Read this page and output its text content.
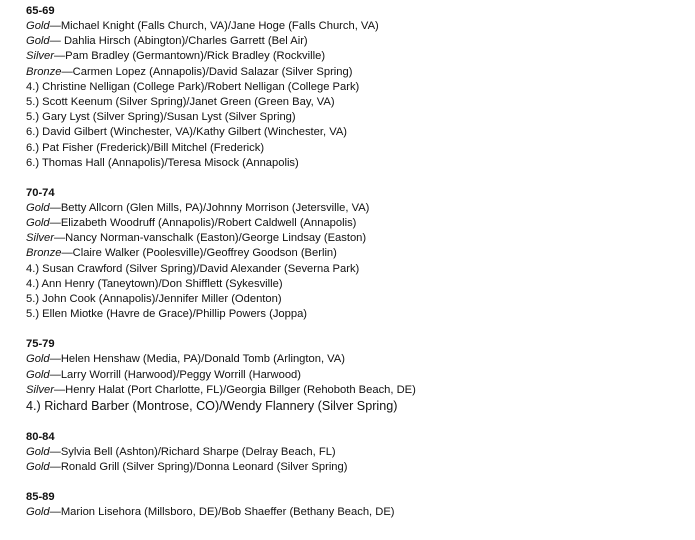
65-69
Gold—Michael Knight (Falls Church, VA)/Jane Hoge (Falls Church, VA)
Gold— Dahlia Hirsch (Abington)/Charles Garrett (Bel Air)
Silver—Pam Bradley (Germantown)/Rick Bradley (Rockville)
Bronze—Carmen Lopez (Annapolis)/David Salazar (Silver Spring)
4.) Christine Nelligan (College Park)/Robert Nelligan (College Park)
5.) Scott Keenum (Silver Spring)/Janet Green (Green Bay, VA)
5.) Gary Lyst (Silver Spring)/Susan Lyst (Silver Spring)
6.) David Gilbert (Winchester, VA)/Kathy Gilbert (Winchester, VA)
6.) Pat Fisher (Frederick)/Bill Mitchel (Frederick)
6.) Thomas Hall (Annapolis)/Teresa Misock (Annapolis)
70-74
Gold—Betty Allcorn (Glen Mills, PA)/Johnny Morrison (Jetersville, VA)
Gold—Elizabeth Woodruff (Annapolis)/Robert Caldwell (Annapolis)
Silver—Nancy Norman-vanschalk (Easton)/George Lindsay (Easton)
Bronze—Claire Walker (Poolesville)/Geoffrey Goodson (Berlin)
4.) Susan Crawford (Silver Spring)/David Alexander (Severna Park)
4.) Ann Henry (Taneytown)/Don Shifflett (Sykesville)
5.) John Cook (Annapolis)/Jennifer Miller (Odenton)
5.) Ellen Miotke (Havre de Grace)/Phillip Powers (Joppa)
75-79
Gold—Helen Henshaw (Media, PA)/Donald Tomb (Arlington, VA)
Gold—Larry Worrill (Harwood)/Peggy Worrill (Harwood)
Silver—Henry Halat (Port Charlotte, FL)/Georgia Billger (Rehoboth Beach, DE)
4.) Richard Barber (Montrose, CO)/Wendy Flannery (Silver Spring)
80-84
Gold—Sylvia Bell (Ashton)/Richard Sharpe (Delray Beach, FL)
Gold—Ronald Grill (Silver Spring)/Donna Leonard (Silver Spring)
85-89
Gold—Marion Lisehora (Millsboro, DE)/Bob Shaeffer (Bethany Beach, DE)
